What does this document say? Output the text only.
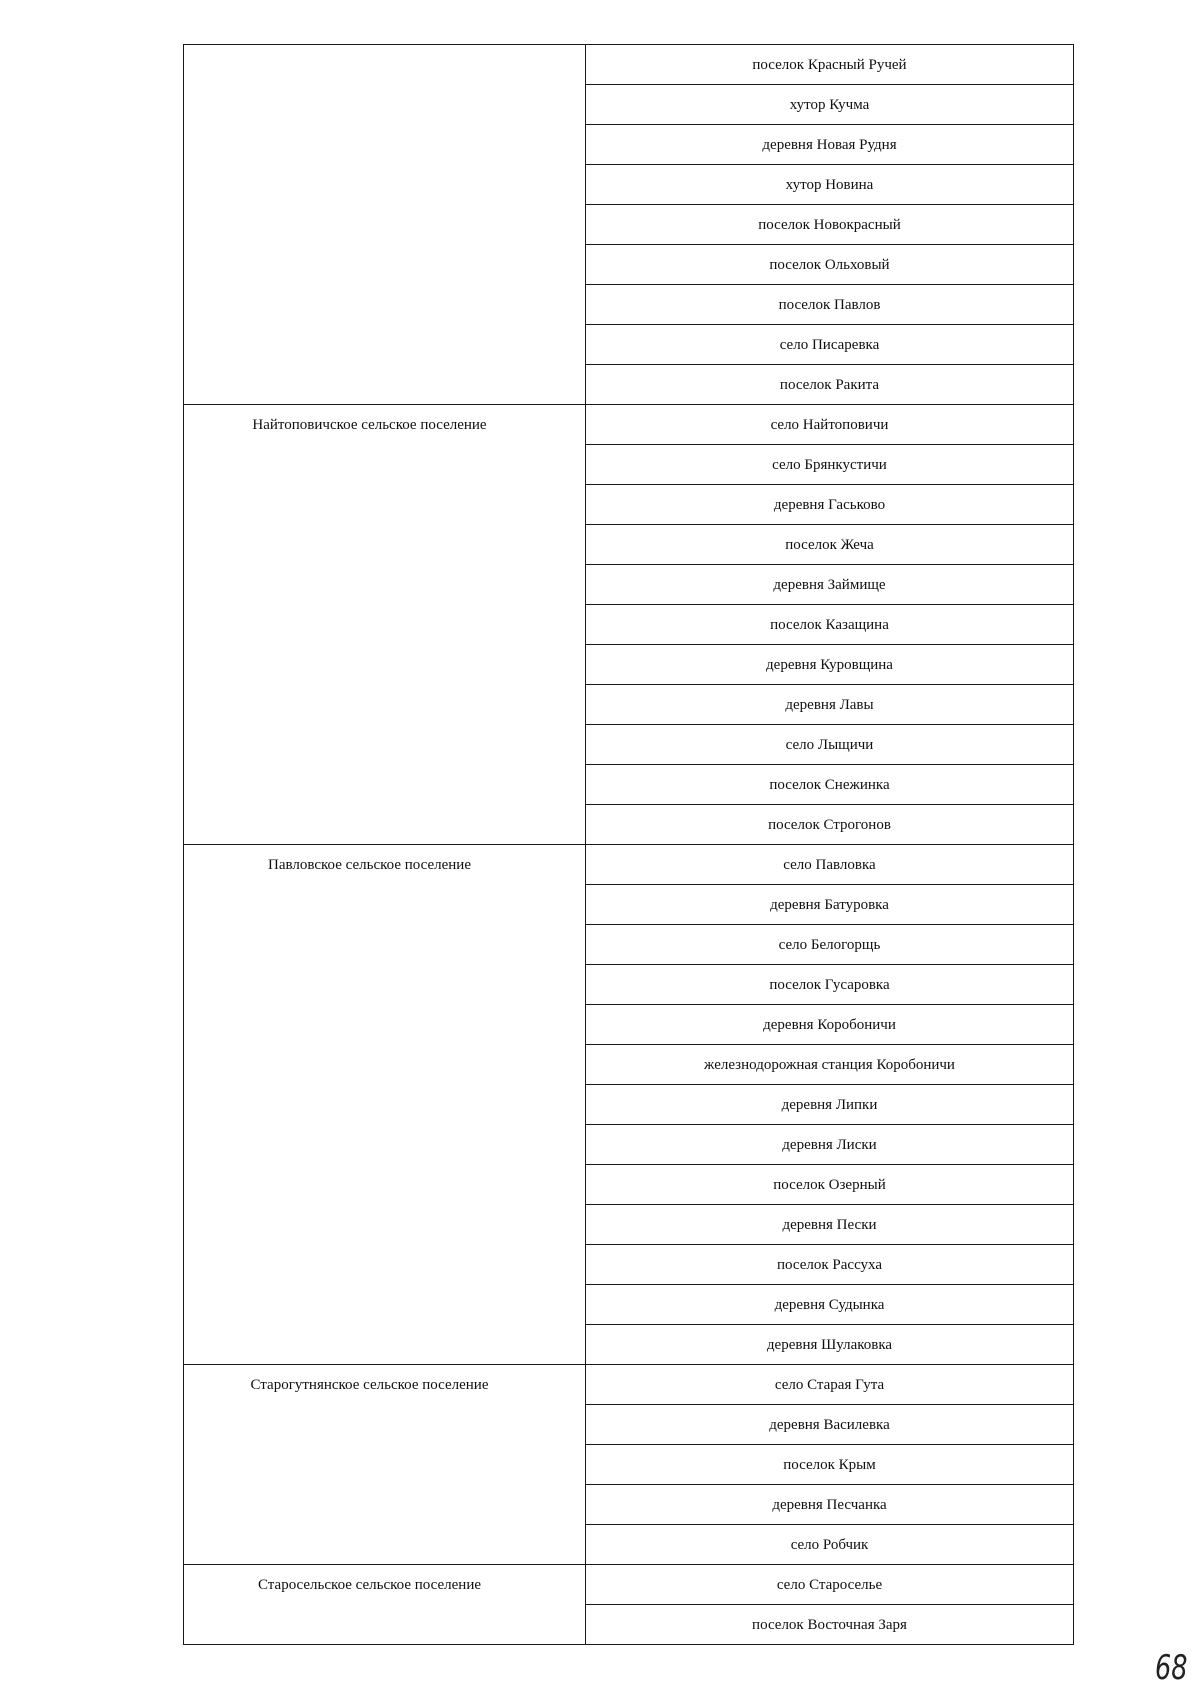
	поселок Красный Ручей
	хутор Кучма
	деревня Новая Рудня
	хутор Новина
	поселок Новокрасный
	поселок Ольховый
	поселок Павлов
	село Писаревка
	поселок Ракита
Найтоповичское сельское поселение	село Найтоповичи
	село Брянкустичи
	деревня Гаськово
	поселок Жеча
	деревня Займище
	поселок Казащина
	деревня Куровщина
	деревня Лавы
	село Лыщичи
	поселок Снежинка
	поселок Строгонов
Павловское сельское поселение	село Павловка
	деревня Батуровка
	село Белогорщь
	поселок Гусаровка
	деревня Коробоничи
	железнодорожная станция Коробоничи
	деревня Липки
	деревня Лиски
	поселок Озерный
	деревня Пески
	поселок Рассуха
	деревня Судынка
	деревня Шулаковка
Старогутнянское сельское поселение	село Старая Гута
	деревня Василевка
	поселок Крым
	деревня Песчанка
	село Робчик
Старосельское сельское поселение	село Староселье
	поселок Восточная Заря
68
